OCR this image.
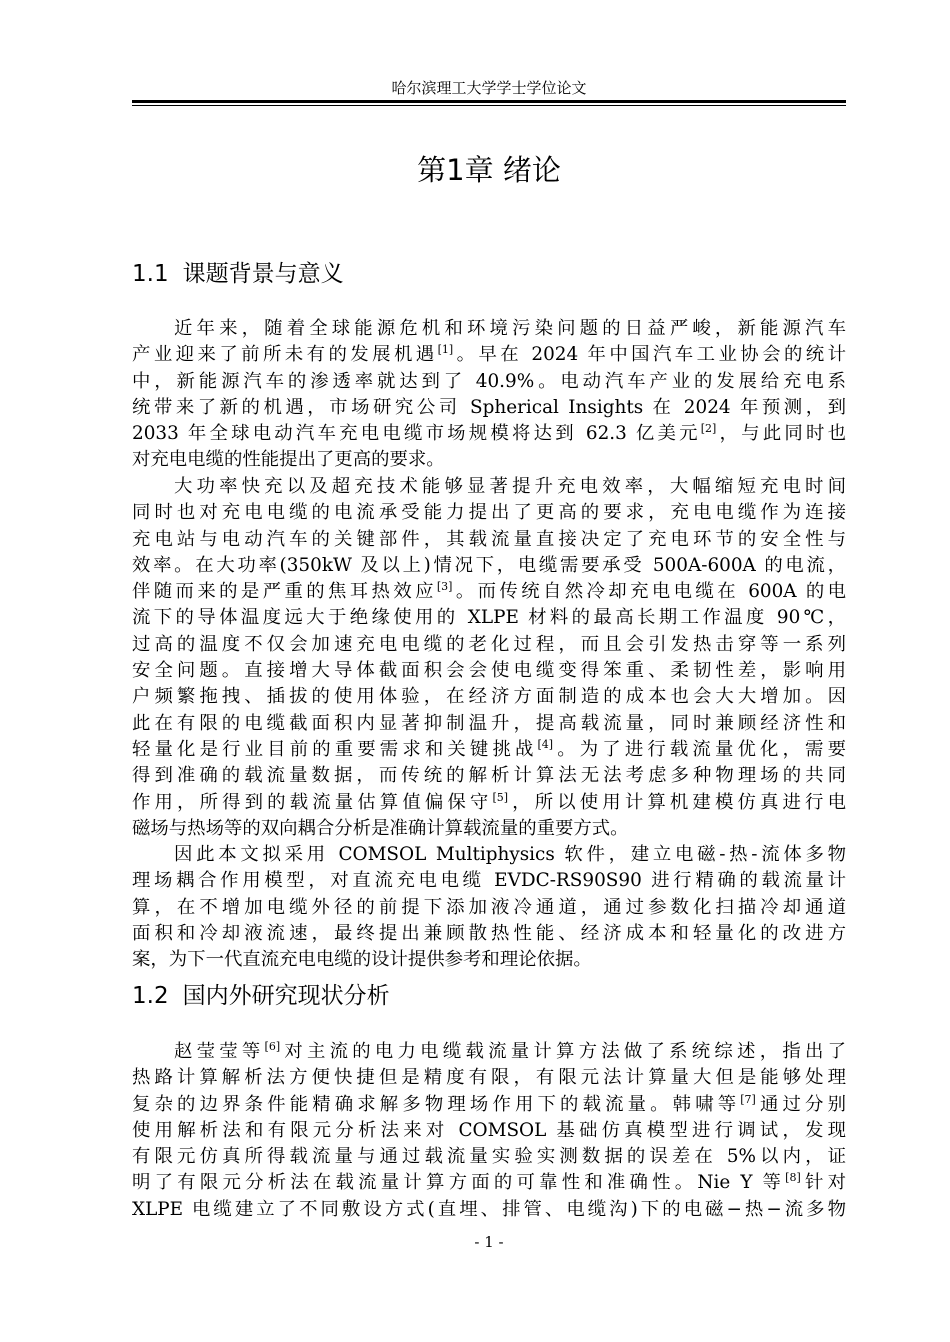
哈尔滨理工大学学士学位论文
第1章 绪论
1.1 课题背景与意义
近年来，随着全球能源危机和环境污染问题的日益严峻，新能源汽车
产业迎来了前所未有的发展机遇[1]。早在 2024 年中国汽车工业协会的统计
中，新能源汽车的渗透率就达到了 40.9%。电动汽车产业的发展给充电系
统带来了新的机遇，市场研究公司 Spherical Insights 在 2024 年预测，到
2033 年全球电动汽车充电电缆市场规模将达到 62.3 亿美元[2]，与此同时也
对充电电缆的性能提出了更高的要求。
大功率快充以及超充技术能够显著提升充电效率，大幅缩短充电时间
同时也对充电电缆的电流承受能力提出了更高的要求，充电电缆作为连接
充电站与电动汽车的关键部件，其载流量直接决定了充电环节的安全性与
效率。在大功率(350kW 及以上)情况下，电缆需要承受 500A-600A 的电流，
伴随而来的是严重的焦耳热效应[3]。而传统自然冷却充电电缆在 600A 的电
流下的导体温度远大于绝缘使用的 XLPE 材料的最高长期工作温度 90℃，
过高的温度不仅会加速充电电缆的老化过程，而且会引发热击穿等一系列
安全问题。直接增大导体截面积会会使电缆变得笨重、柔韧性差，影响用
户频繁拖拽、插拔的使用体验，在经济方面制造的成本也会大大增加。因
此在有限的电缆截面积内显著抑制温升，提高载流量，同时兼顾经济性和
轻量化是行业目前的重要需求和关键挑战[4]。为了进行载流量优化，需要
得到准确的载流量数据，而传统的解析计算法无法考虑多种物理场的共同
作用，所得到的载流量估算值偏保守[5]，所以使用计算机建模仿真进行电
磁场与热场等的双向耦合分析是准确计算载流量的重要方式。
因此本文拟采用 COMSOL Multiphysics 软件，建立电磁-热-流体多物
理场耦合作用模型，对直流充电电缆 EVDC-RS90S90 进行精确的载流量计
算，在不增加电缆外径的前提下添加液冷通道，通过参数化扫描冷却通道
面积和冷却液流速，最终提出兼顾散热性能、经济成本和轻量化的改进方
案，为下一代直流充电电缆的设计提供参考和理论依据。
1.2 国内外研究现状分析
赵莹莹等[6]对主流的电力电缆载流量计算方法做了系统综述，指出了
热路计算解析法方便快捷但是精度有限，有限元法计算量大但是能够处理
复杂的边界条件能精确求解多物理场作用下的载流量。韩啸等[7]通过分别
使用解析法和有限元分析法来对 COMSOL 基础仿真模型进行调试，发现
有限元仿真所得载流量与通过载流量实验实测数据的误差在 5%以内，证
明了有限元分析法在载流量计算方面的可靠性和准确性。Nie Y 等[8]针对
XLPE 电缆建立了不同敷设方式(直埋、排管、电缆沟)下的电磁−热−流多物
- 1 -
